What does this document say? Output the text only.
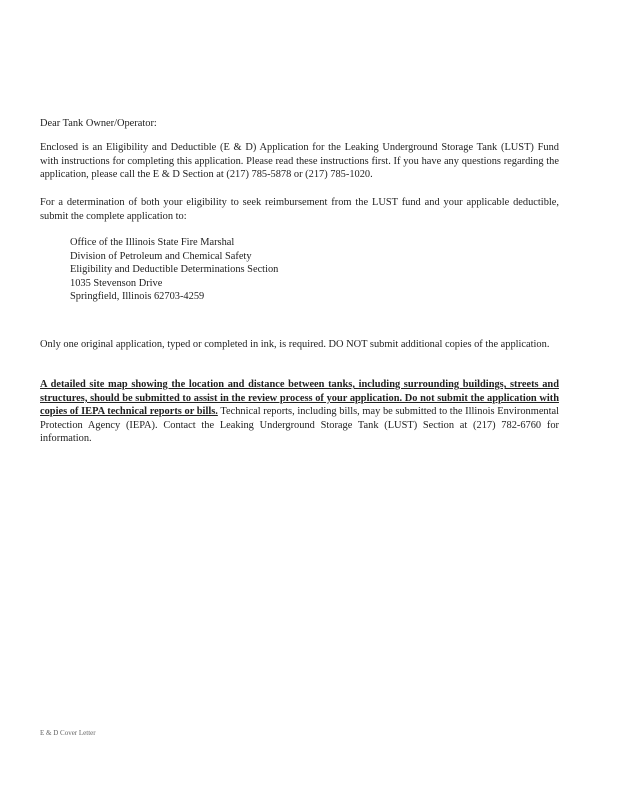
Dear Tank Owner/Operator:

Enclosed is an Eligibility and Deductible (E & D) Application for the Leaking Underground Storage Tank (LUST) Fund with instructions for completing this application. Please read these instructions first. If you have any questions regarding the application, please call the E & D Section at (217) 785-5878 or (217) 785-1020.

For a determination of both your eligibility to seek reimbursement from the LUST fund and your applicable deductible, submit the complete application to:

Office of the Illinois State Fire Marshal
Division of Petroleum and Chemical Safety
Eligibility and Deductible Determinations Section
1035 Stevenson Drive
Springfield, Illinois 62703-4259

Only one original application, typed or completed in ink, is required. DO NOT submit additional copies of the application.

A detailed site map showing the location and distance between tanks, including surrounding buildings, streets and structures, should be submitted to assist in the review process of your application. Do not submit the application with copies of IEPA technical reports or bills. Technical reports, including bills, may be submitted to the Illinois Environmental Protection Agency (IEPA). Contact the Leaking Underground Storage Tank (LUST) Section at (217) 782-6760 for information.

E & D Cover Letter
